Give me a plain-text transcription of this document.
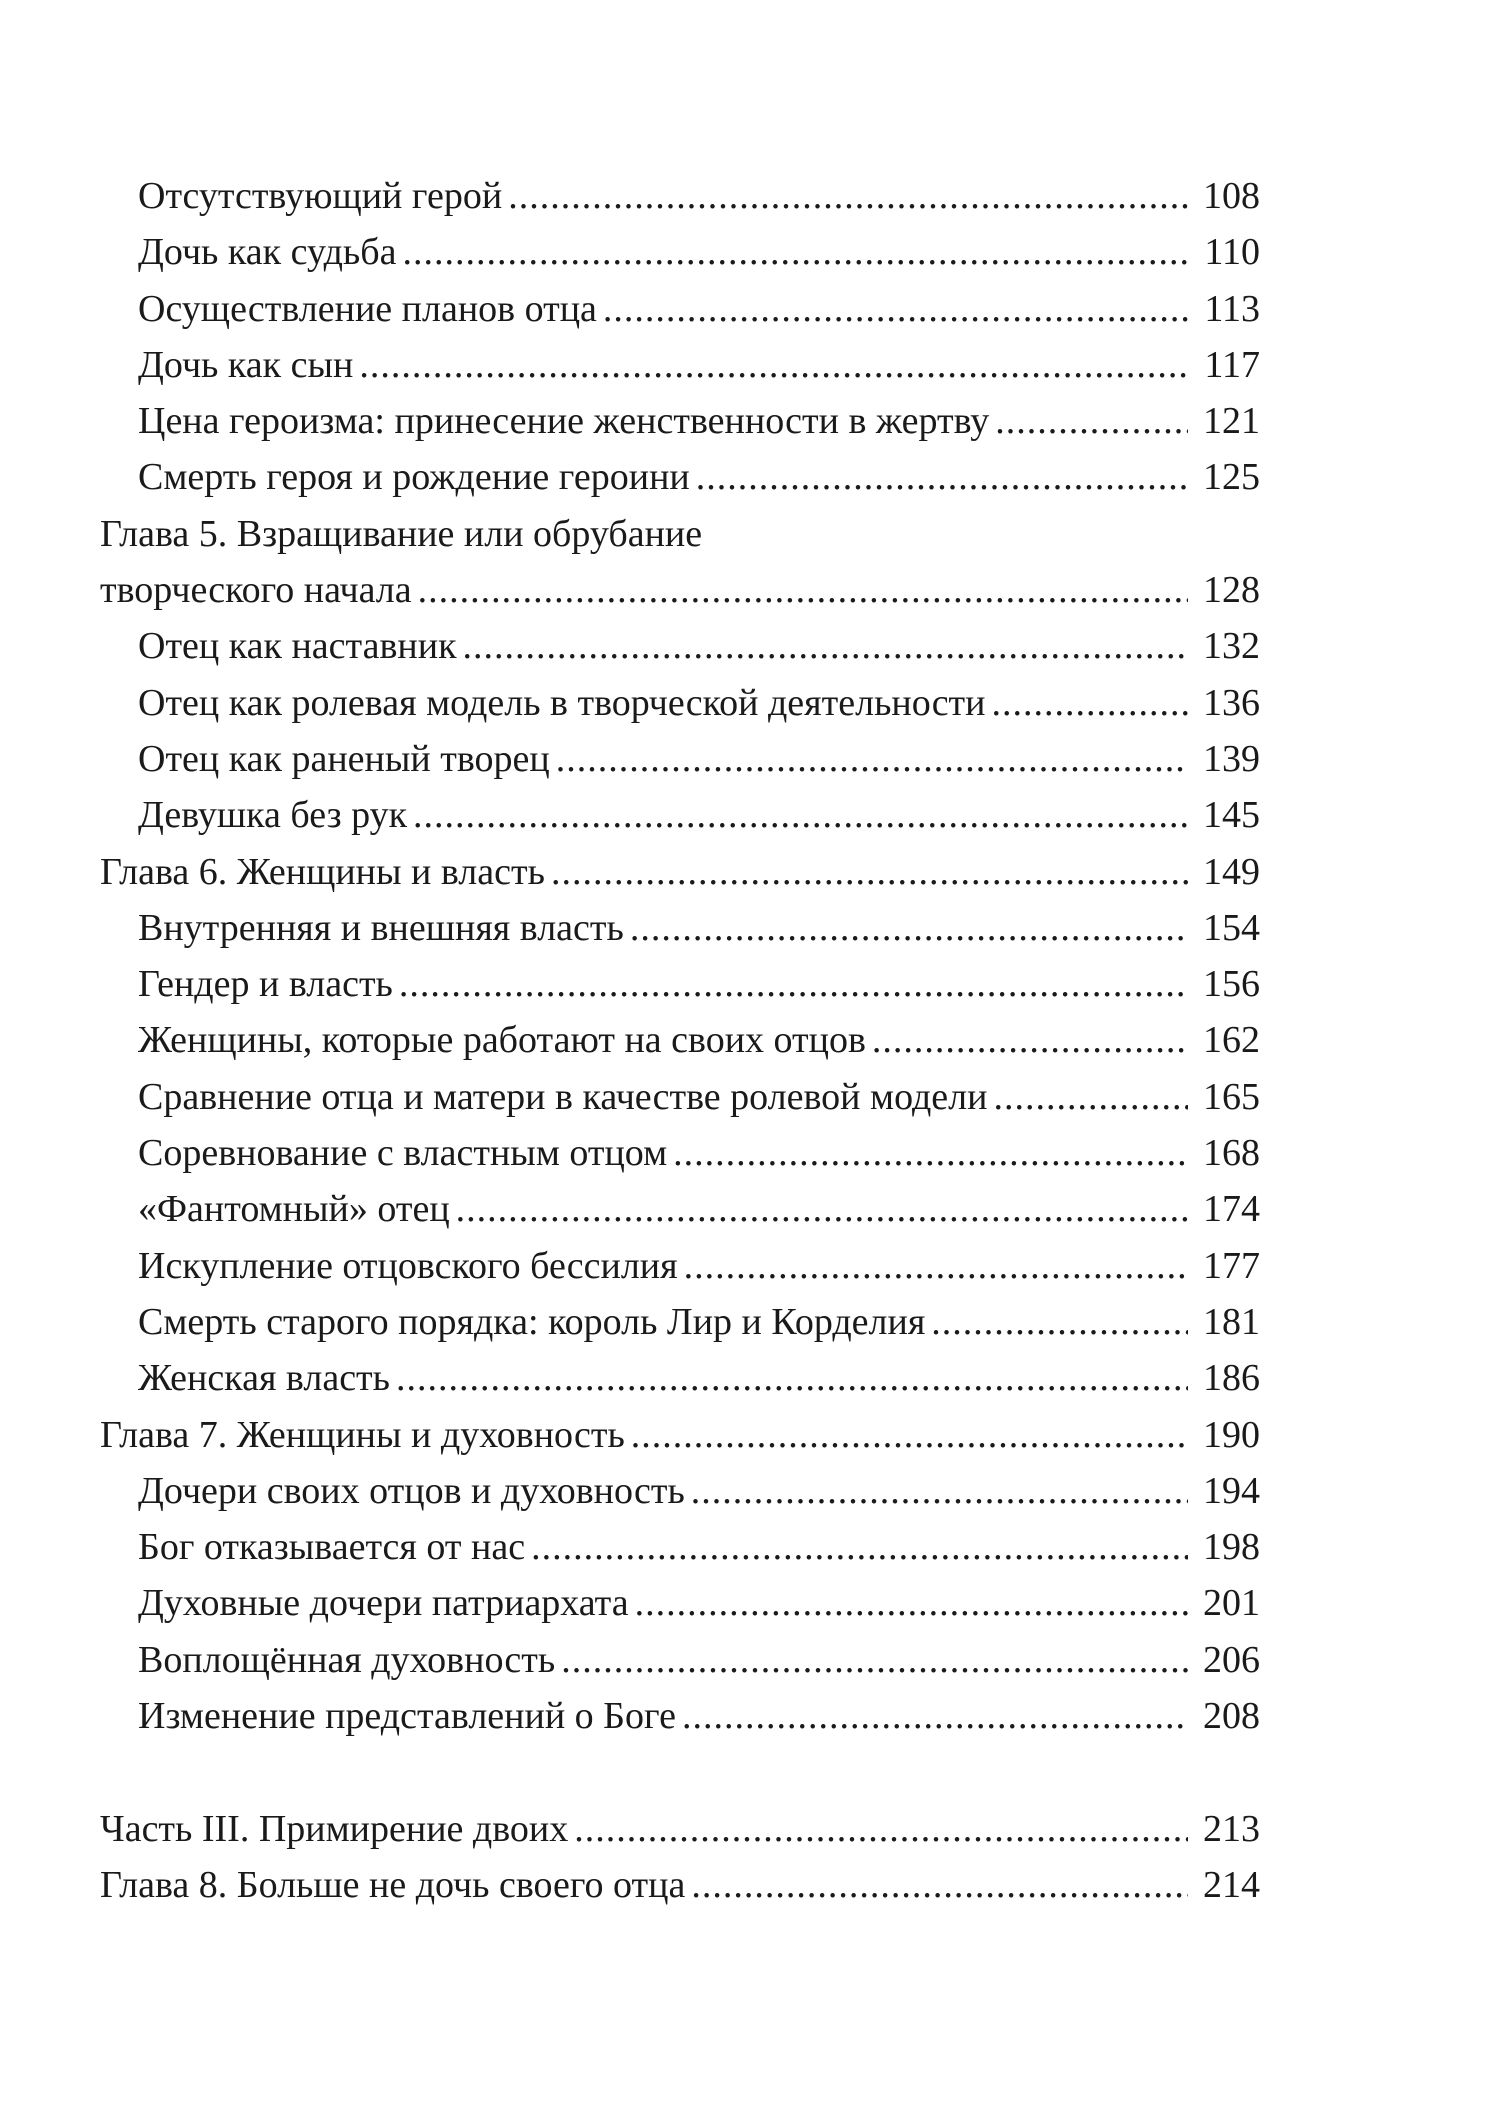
Отсутствующий герой .....	108
Дочь как судьба .....	110
Осуществление планов отца .....	113
Дочь как сын .....	117
Цена героизма: принесение женственности в жертву .....	121
Смерть героя и рождение героини .....	125
Глава 5. Взращивание или обрубание
творческого начала .....	128
Отец как наставник .....	132
Отец как ролевая модель в творческой деятельности .....	136
Отец как раненый творец .....	139
Девушка без рук .....	145
Глава 6. Женщины и власть .....	149
Внутренняя и внешняя власть .....	154
Гендер и власть .....	156
Женщины, которые работают на своих отцов .....	162
Сравнение отца и матери в качестве ролевой модели .....	165
Соревнование с властным отцом .....	168
«Фантомный» отец .....	174
Искупление отцовского бессилия .....	177
Смерть старого порядка: король Лир и Корделия .....	181
Женская власть .....	186
Глава 7. Женщины и духовность .....	190
Дочери своих отцов и духовность .....	194
Бог отказывается от нас .....	198
Духовные дочери патриархата .....	201
Воплощённая духовность .....	206
Изменение представлений о Боге .....	208
Часть III. Примирение двоих .....	213
Глава 8. Больше не дочь своего отца .....	214
